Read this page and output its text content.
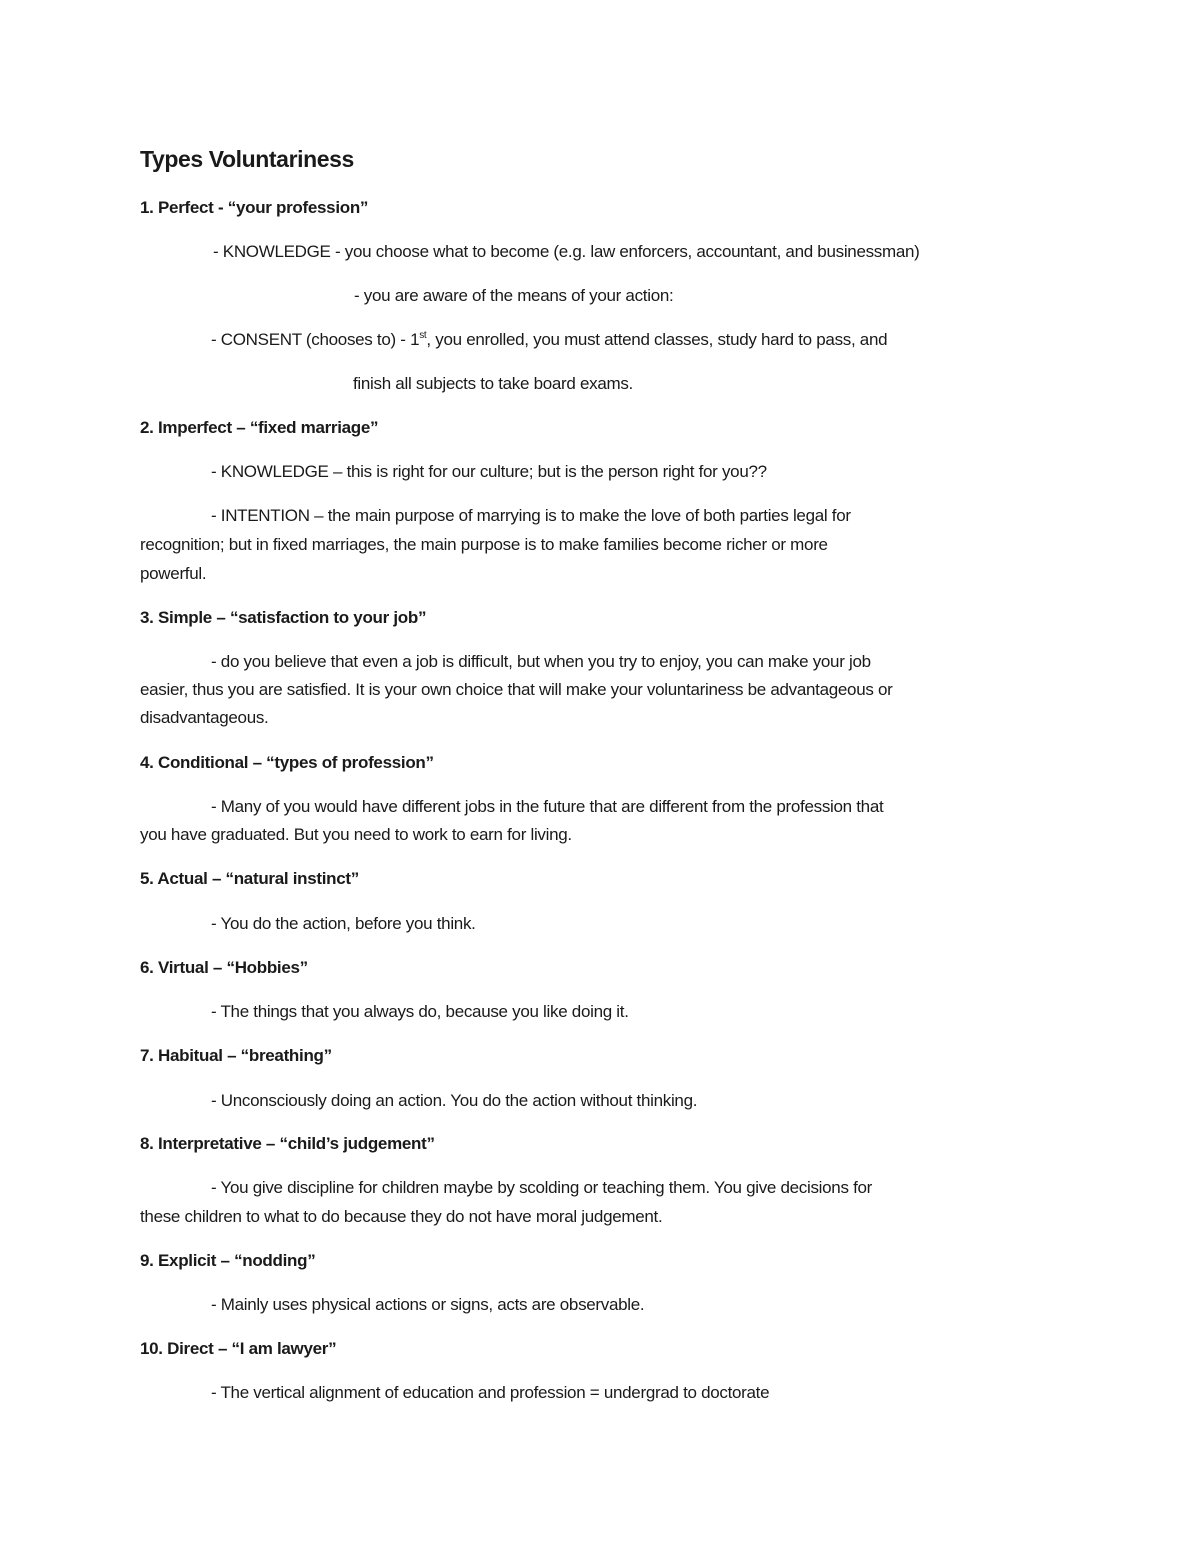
Types Voluntariness
1. Perfect - “your profession”
- KNOWLEDGE - you choose what to become (e.g. law enforcers, accountant, and businessman)
- you are aware of the means of your action:
- CONSENT (chooses to) - 1st, you enrolled, you must attend classes, study hard to pass, and
finish all subjects to take board exams.
2. Imperfect – “fixed marriage”
- KNOWLEDGE – this is right for our culture; but is the person right for you??
- INTENTION – the main purpose of marrying is to make the love of both parties legal for
recognition; but in fixed marriages, the main purpose is to make families become richer or more
powerful.
3. Simple – “satisfaction to your job”
- do you believe that even a job is difficult, but when you try to enjoy, you can make your job
easier, thus you are satisfied. It is your own choice that will make your voluntariness be advantageous or
disadvantageous.
4. Conditional – “types of profession”
- Many of you would have different jobs in the future that are different from the profession that
you have graduated. But you need to work to earn for living.
5. Actual – “natural instinct”
- You do the action, before you think.
6. Virtual – “Hobbies”
- The things that you always do, because you like doing it.
7. Habitual – “breathing”
- Unconsciously doing an action. You do the action without thinking.
8. Interpretative – “child’s judgement”
- You give discipline for children maybe by scolding or teaching them. You give decisions for
these children to what to do because they do not have moral judgement.
9. Explicit – “nodding”
- Mainly uses physical actions or signs, acts are observable.
10. Direct – “I am lawyer”
- The vertical alignment of education and profession = undergrad to doctorate
